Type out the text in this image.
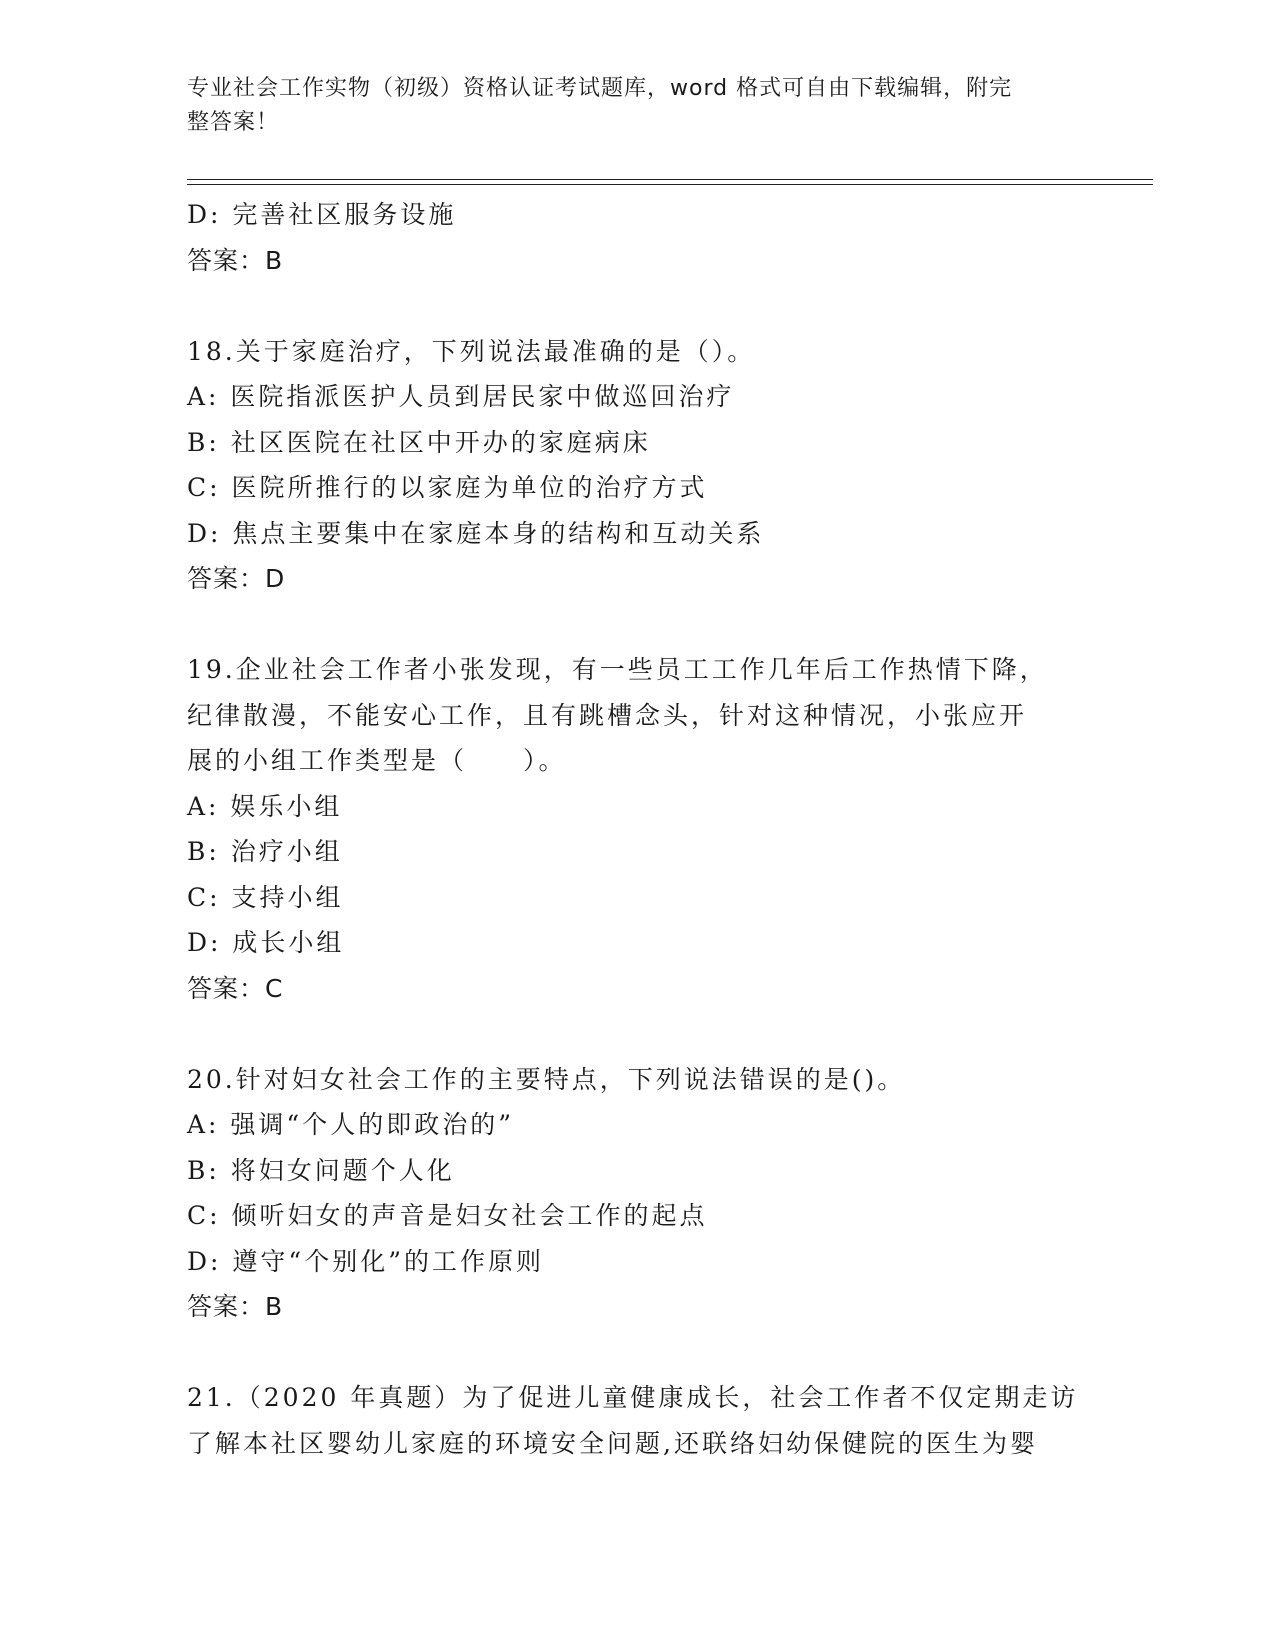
专业社会工作实物（初级）资格认证考试题库，word 格式可自由下载编辑，附完
整答案！

D: 完善社区服务设施

答案：B

18.关于家庭治疗，下列说法最准确的是（）。

A: 医院指派医护人员到居民家中做巡回治疗

B: 社区医院在社区中开办的家庭病床

C: 医院所推行的以家庭为单位的治疗方式

D: 焦点主要集中在家庭本身的结构和互动关系

答案：D

19.企业社会工作者小张发现，有一些员工工作几年后工作热情下降，

纪律散漫，不能安心工作，且有跳槽念头，针对这种情况，小张应开

展的小组工作类型是（　　）。

A: 娱乐小组

B: 治疗小组

C: 支持小组

D: 成长小组

答案：C

20.针对妇女社会工作的主要特点，下列说法错误的是()。

A: 强调“个人的即政治的”

B: 将妇女问题个人化

C: 倾听妇女的声音是妇女社会工作的起点

D: 遵守“个别化”的工作原则

答案：B

21.（2020 年真题）为了促进儿童健康成长，社会工作者不仅定期走访

了解本社区婴幼儿家庭的环境安全问题,还联络妇幼保健院的医生为婴
